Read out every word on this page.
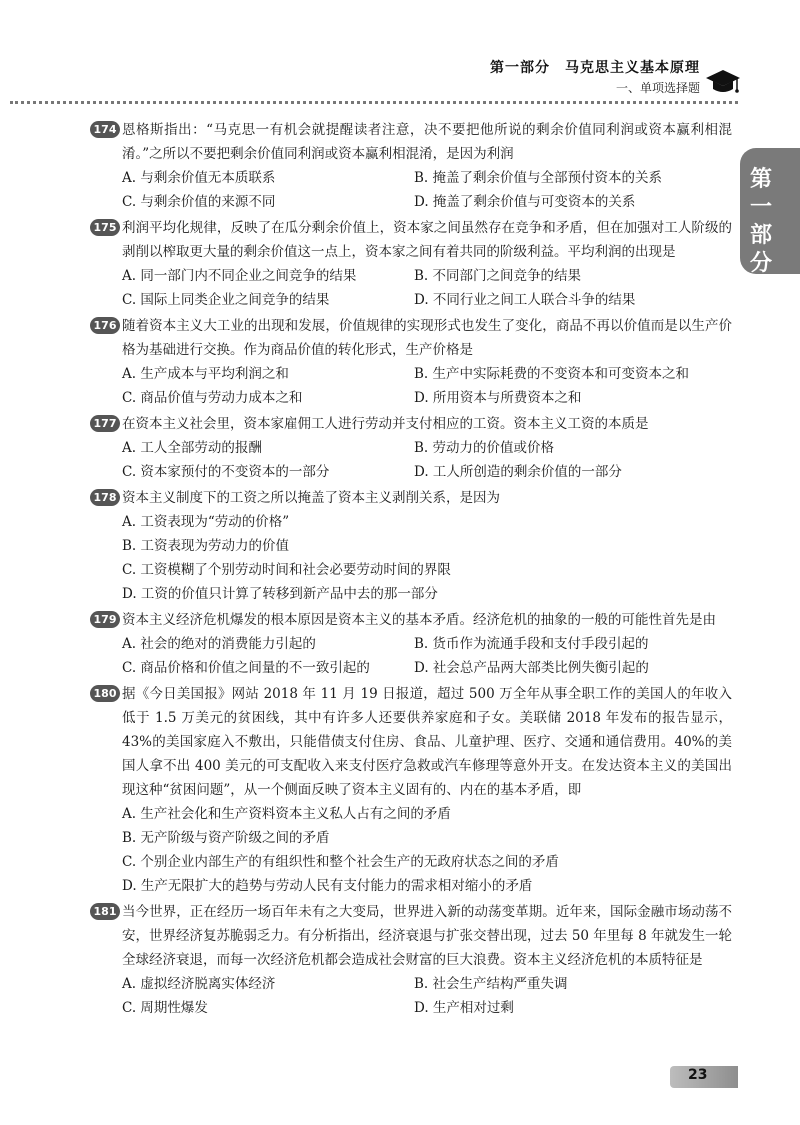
第一部分　马克思主义基本原理
一、单项选择题
第一
部分
174 恩格斯指出：“马克思一有机会就提醒读者注意，决不要把他所说的剩余价值同利润或资本赢利相混淆。”之所以不要把剩余价值同利润或资本赢利相混淆，是因为利润
A. 与剩余价值无本质联系	B. 掩盖了剩余价值与全部预付资本的关系
C. 与剩余价值的来源不同	D. 掩盖了剩余价值与可变资本的关系
175 利润平均化规律，反映了在瓜分剩余价值上，资本家之间虽然存在竞争和矛盾，但在加强对工人阶级的剥削以榨取更大量的剩余价值这一点上，资本家之间有着共同的阶级利益。平均利润的出现是
A. 同一部门内不同企业之间竞争的结果	B. 不同部门之间竞争的结果
C. 国际上同类企业之间竞争的结果	D. 不同行业之间工人联合斗争的结果
176 随着资本主义大工业的出现和发展，价值规律的实现形式也发生了变化，商品不再以价值而是以生产价格为基础进行交换。作为商品价值的转化形式，生产价格是
A. 生产成本与平均利润之和	B. 生产中实际耗费的不变资本和可变资本之和
C. 商品价值与劳动力成本之和	D. 所用资本与所费资本之和
177 在资本主义社会里，资本家雇佣工人进行劳动并支付相应的工资。资本主义工资的本质是
A. 工人全部劳动的报酬	B. 劳动力的价值或价格
C. 资本家预付的不变资本的一部分	D. 工人所创造的剩余价值的一部分
178 资本主义制度下的工资之所以掩盖了资本主义剥削关系，是因为
A. 工资表现为“劳动的价格”
B. 工资表现为劳动力的价值
C. 工资模糊了个别劳动时间和社会必要劳动时间的界限
D. 工资的价值只计算了转移到新产品中去的那一部分
179 资本主义经济危机爆发的根本原因是资本主义的基本矛盾。经济危机的抽象的一般的可能性首先是由
A. 社会的绝对的消费能力引起的	B. 货币作为流通手段和支付手段引起的
C. 商品价格和价值之间量的不一致引起的	D. 社会总产品两大部类比例失衡引起的
180 据《今日美国报》网站 2018 年 11 月 19 日报道，超过 500 万全年从事全职工作的美国人的年收入低于 1.5 万美元的贫困线，其中有许多人还要供养家庭和子女。美联储 2018 年发布的报告显示，43%的美国家庭入不敷出，只能借债支付住房、食品、儿童护理、医疗、交通和通信费用。40%的美国人拿不出 400 美元的可支配收入来支付医疗急救或汽车修理等意外开支。在发达资本主义的美国出现这种“贫困问题”，从一个侧面反映了资本主义固有的、内在的基本矛盾，即
A. 生产社会化和生产资料资本主义私人占有之间的矛盾
B. 无产阶级与资产阶级之间的矛盾
C. 个别企业内部生产的有组织性和整个社会生产的无政府状态之间的矛盾
D. 生产无限扩大的趋势与劳动人民有支付能力的需求相对缩小的矛盾
181 当今世界，正在经历一场百年未有之大变局，世界进入新的动荡变革期。近年来，国际金融市场动荡不安，世界经济复苏脆弱乏力。有分析指出，经济衰退与扩张交替出现，过去 50 年里每 8 年就发生一轮全球经济衰退，而每一次经济危机都会造成社会财富的巨大浪费。资本主义经济危机的本质特征是
A. 虚拟经济脱离实体经济	B. 社会生产结构严重失调
C. 周期性爆发	D. 生产相对过剩
23
